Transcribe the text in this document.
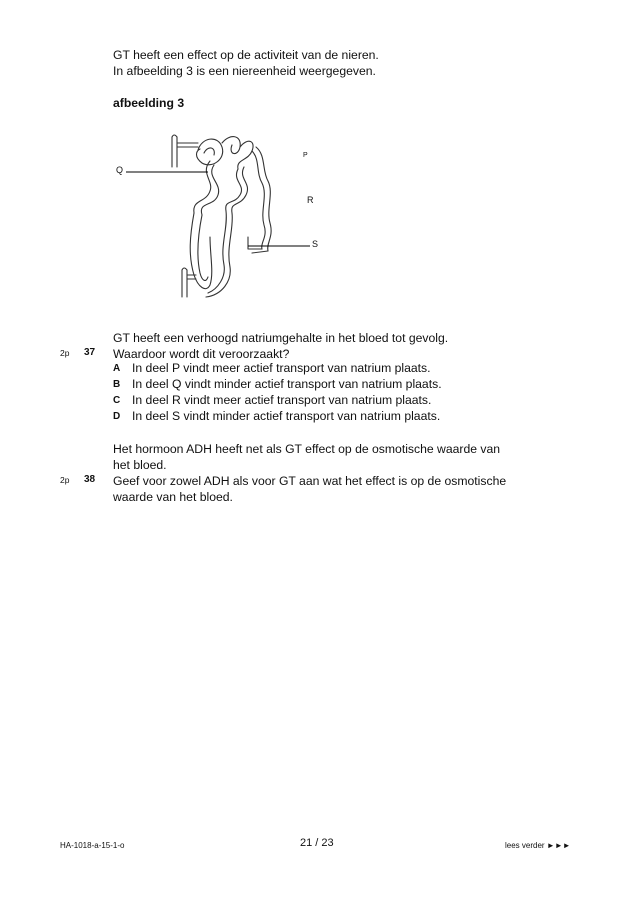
GT heeft een effect op de activiteit van de nieren.
In afbeelding 3 is een niereenheid weergegeven.
afbeelding 3
Q
P
R
S
GT heeft een verhoogd natriumgehalte in het bloed tot gevolg.
2p 37 Waardoor wordt dit veroorzaakt?
A In deel P vindt meer actief transport van natrium plaats.
B In deel Q vindt minder actief transport van natrium plaats.
C In deel R vindt meer actief transport van natrium plaats.
D In deel S vindt minder actief transport van natrium plaats.
Het hormoon ADH heeft net als GT effect op de osmotische waarde van
het bloed.
2p 38 Geef voor zowel ADH als voor GT aan wat het effect is op de osmotische
waarde van het bloed.
HA-1018-a-15-1-o	21 / 23	lees verder ►►►
